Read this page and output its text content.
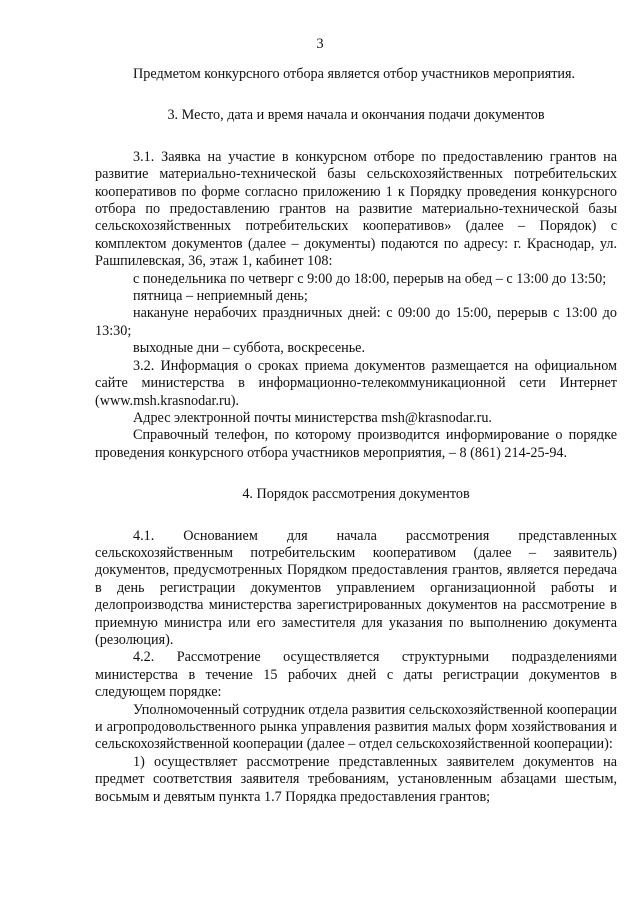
3

Предметом конкурсного отбора является отбор участников мероприятия.

3. Место, дата и время начала и окончания подачи документов

3.1. Заявка на участие в конкурсном отборе по предоставлению грантов на развитие материально-технической базы сельскохозяйственных потребительских кооперативов по форме согласно приложению 1 к Порядку проведения конкурсного отбора по предоставлению грантов на развитие материально-технической базы сельскохозяйственных потребительских кооперативов» (далее – Порядок) с комплектом документов (далее – документы) подаются по адресу: г. Краснодар, ул. Рашпилевская, 36, этаж 1, кабинет 108:

с понедельника по четверг с 9:00 до 18:00, перерыв на обед – с 13:00 до 13:50;

пятница – неприемный день;

накануне нерабочих праздничных дней: с 09:00 до 15:00, перерыв с 13:00 до 13:30;

выходные дни – суббота, воскресенье.

3.2. Информация о сроках приема документов размещается на официальном сайте министерства в информационно-телекоммуникационной сети Интернет (www.msh.krasnodar.ru).

Адрес электронной почты министерства msh@krasnodar.ru.

Справочный телефон, по которому производится информирование о порядке проведения конкурсного отбора участников мероприятия, – 8 (861) 214-25-94.

4. Порядок рассмотрения документов

4.1. Основанием для начала рассмотрения представленных сельскохозяйственным потребительским кооперативом (далее – заявитель) документов, предусмотренных Порядком предоставления грантов, является передача в день регистрации документов управлением организационной работы и делопроизводства министерства зарегистрированных документов на рассмотрение в приемную министра или его заместителя для указания по выполнению документа (резолюция).

4.2. Рассмотрение осуществляется структурными подразделениями министерства в течение 15 рабочих дней с даты регистрации документов в следующем порядке:

Уполномоченный сотрудник отдела развития сельскохозяйственной кооперации и агропродовольственного рынка управления развития малых форм хозяйствования и сельскохозяйственной кооперации (далее – отдел сельскохозяйственной кооперации):

1) осуществляет рассмотрение представленных заявителем документов на предмет соответствия заявителя требованиям, установленным абзацами шестым, восьмым и девятым пункта 1.7 Порядка предоставления грантов;
